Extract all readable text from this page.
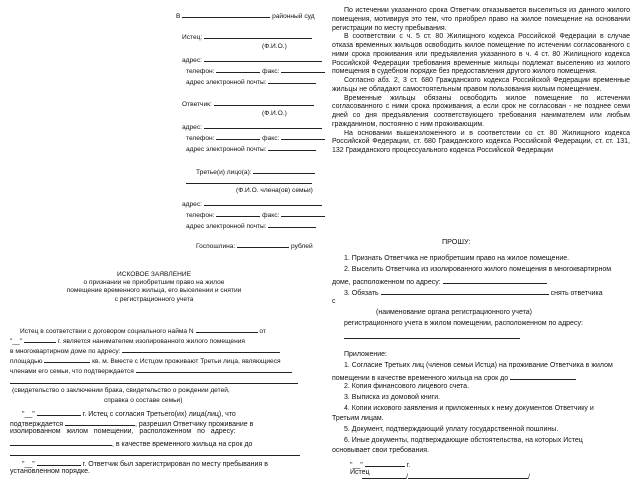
В	районный суд
Истец:
(Ф.И.О.)
адрес:
телефон:	факс:
адрес электронной почты:
Ответчик:
(Ф.И.О.)
адрес:
телефон:	факс:
адрес электронной почты:
Третье(и) лицо(а):
(Ф.И.О. члена(ов) семьи)
адрес:
телефон:	факс:
адрес электронной почты:
Госпошлина:	рублей
ИСКОВОЕ ЗАЯВЛЕНИЕ
о признании не приобретшим право на жилое
помещение временного жильца, его выселении и снятии
с регистрационного учета
Истец в соответствии с договором социального найма N	от
"__"	г. является нанимателем изолированного жилого помещения
в многоквартирном доме по адресу:
площадью	кв. м. Вместе с Истцом проживают Третьи лица, являющиеся
членами его семьи, что подтверждается
(свидетельство о заключении брака, свидетельство о рождении детей,
справка о составе семьи)
"__"	г. Истец с согласия Третьего(их) лица(лиц), что
подтверждается	, разрешил Ответчику проживание в
изолированном жилом помещении, расположенном по адресу:
, в качестве временного жильца на срок до
"__"	г. Ответчик был зарегистрирован по месту пребывания в
установленном порядке.

По истечении указанного срока Ответчик отказывается выселиться из данного жилого помещения, мотивируя это тем, что приобрел право на жилое помещение на основании регистрации по месту пребывания.

В соответствии с ч. 5 ст. 80 Жилищного кодекса Российской Федерации в случае отказа временных жильцов освободить жилое помещение по истечении согласованного с ними срока проживания или предъявления указанного в ч. 4 ст. 80 Жилищного кодекса Российской Федерации требования временные жильцы подлежат выселению из жилого помещения в судебном порядке без предоставления другого жилого помещения.

Согласно абз. 2, 3 ст. 680 Гражданского кодекса Российской Федерации временные жильцы не обладают самостоятельным правом пользования жилым помещением.

Временные жильцы обязаны освободить жилое помещение по истечении согласованного с ними срока проживания, а если срок не согласован - не позднее семи дней со дня предъявления соответствующего требования нанимателем или любым гражданином, постоянно с ним проживающим.

На основании вышеизложенного и в соответствии со ст. 80 Жилищного кодекса Российской Федерации, ст. 680 Гражданского кодекса Российской Федерации, ст. ст. 131, 132 Гражданского процессуального кодекса Российской Федерации

ПРОШУ:
1. Признать Ответчика не приобретшим право на жилое помещение.
2. Выселить Ответчика из изолированного жилого помещения в многоквартирном
доме, расположенном по адресу:
3. Обязать	снять ответчика
с
(наименование органа регистрационного учета)
регистрационного учета в жилом помещении, расположенном по адресу:
Приложение:
1. Согласие Третьих лиц (членов семьи Истца) на проживание Ответчика в жилом
помещении в качестве временного жильца на срок до
2. Копия финансового лицевого счета.
3. Выписка из домовой книги.
4. Копии искового заявления и приложенных к нему документов Ответчику и
Третьим лицам.
5. Документ, подтверждающий уплату государственной пошлины.
6. Иные документы, подтверждающие обстоятельства, на которых Истец
основывает свои требования.
"__"	г.
Истец
/	/
